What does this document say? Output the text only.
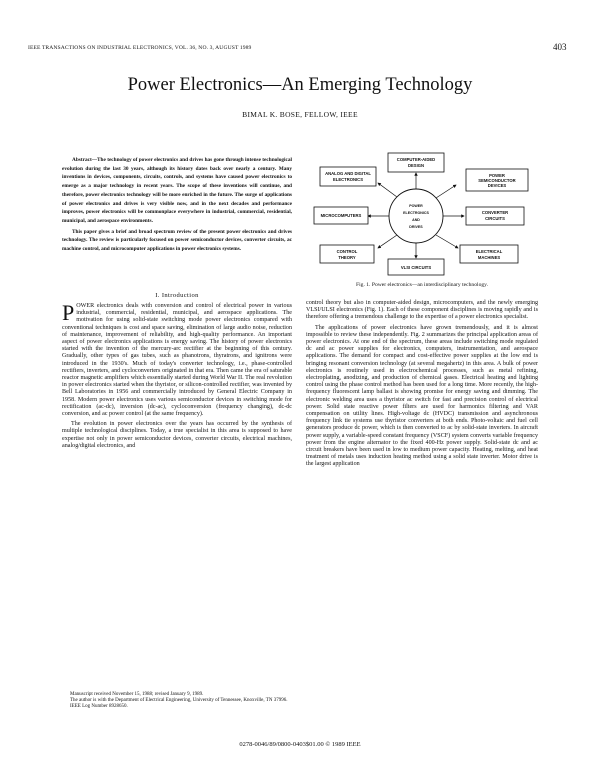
IEEE TRANSACTIONS ON INDUSTRIAL ELECTRONICS, VOL. 36, NO. 3, AUGUST 1989	403
Power Electronics—An Emerging Technology
BIMAL K. BOSE, FELLOW, IEEE

Abstract—The technology of power electronics and drives has gone through intense technological evolution during the last 30 years, although its history dates back over nearly a century. Many inventions in devices, components, circuits, controls, and systems have caused power electronics to emerge as a major technology in recent years. The scope of these inventions will continue, and therefore, power electronics technology will be more enriched in the future. The surge of applications of power electronics and drives is very visible now, and in the next decades and performance improves, power electronics will be commonplace everywhere in industrial, commercial, residential, municipal, and aerospace environments.

This paper gives a brief and broad spectrum review of the present power electronics and drives technology. The review is particularly focused on power semiconductor devices, converter circuits, ac machine control, and microcomputer applications in power electronics systems.

I. Introduction

POWER electronics deals with conversion and control of electrical power in various industrial, commercial, residential, municipal, and aerospace applications. The motivation for using solid-state switching mode power electronics compared with conventional techniques is cost and space saving, elimination of large audio noise, reduction of maintenance, improvement of reliability, and high-quality performance. An important aspect of power electronics applications is energy saving. The history of power electronics started with the invention of the mercury-arc rectifier at the beginning of this century. Gradually, other types of gas tubes, such as phanotrons, thyratrons, and ignitrons were introduced in the 1930's. Much of today's converter technology, i.e., phase-controlled rectifiers, inverters, and cycloconverters originated in that era. Then came the era of saturable reactor magnetic amplifiers which essentially started during World War II. The real revolution in power electronics started when the thyristor, or silicon-controlled rectifier, was invented by Bell Laboratories in 1956 and commercially introduced by General Electric Company in 1958. Modern power electronics uses various semiconductor devices in switching mode for rectification (ac-dc), inversion (dc-ac), cycloconversion (frequency changing), dc-dc conversion, and ac power control (at the same frequency).

The evolution in power electronics over the years has occurred by the synthesis of multiple technological disciplines. Today, a true specialist in this area is supposed to have expertise not only in power semiconductor devices, converter circuits, electrical machines, analog/digital electronics, and

Manuscript received November 15, 1988; revised January 9, 1989.

The author is with the Department of Electrical Engineering, University of Tennessee, Knoxville, TN 37996.

IEEE Log Number 8928650.

COMPUTER-AIDED
DESIGN
ANALOG AND DIGITAL
ELECTRONICS
POWER
SEMICONDUCTOR
DEVICES
MICROCOMPUTERS
CONVERTER
CIRCUITS
CONTROL
THEORY
VLSI CIRCUITS
ELECTRICAL
MACHINES
POWER
ELECTRONICS
AND
DRIVES
Fig. 1. Power electronics—an interdisciplinary technology.

control theory but also in computer-aided design, microcomputers, and the newly emerging VLSI/ULSI electronics (Fig. 1). Each of these component disciplines is moving rapidly and is therefore offering a tremendous challenge to the expertise of a power electronics specialist.

The applications of power electronics have grown tremendously, and it is almost impossible to review these independently. Fig. 2 summarizes the principal application areas of power electronics. At one end of the spectrum, these areas include switching mode regulated dc and ac power supplies for electronics, computers, instrumentation, and aerospace applications. The demand for compact and cost-effective power supplies at the low end is bringing resonant conversion technology (at several megahertz) in this area. A bulk of power electronics is routinely used in electrochemical processes, such as metal refining, electroplating, anodizing, and production of chemical gases. Electrical heating and lighting control using the phase control method has been used for a long time. More recently, the high-frequency fluorescent lamp ballast is showing promise for energy saving and dimming. The electronic welding area uses a thyristor ac switch for fast and precision control of electrical power. Solid state reactive power filters are used for harmonics filtering and VAR compensation on utility lines. High-voltage dc (HVDC) transmission and asynchronous frequency link tie systems use thyristor converters at both ends. Photo-voltaic and fuel cell generators produce dc power, which is then converted to ac by solid-state inverters. In aircraft power supply, a variable-speed constant frequency (VSCF) system converts variable frequency power from the engine alternator to the fixed 400-Hz power supply. Solid-state dc and ac circuit breakers have been used in low to medium power capacity. Heating, melting, and heat treatment of metals uses induction heating method using a solid state inverter. Motor drive is the largest application

0278-0046/89/0800-0403$01.00 © 1989 IEEE
